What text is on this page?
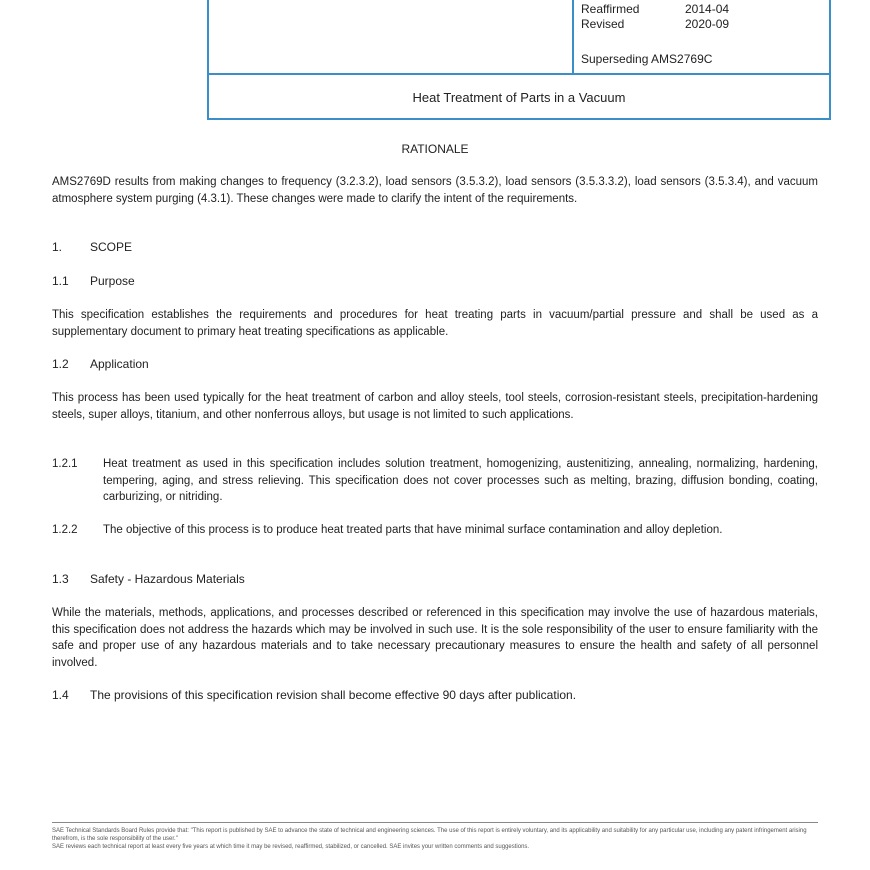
Reaffirmed	2014-04
Revised	2020-09
Superseding AMS2769C
Heat Treatment of Parts in a Vacuum
RATIONALE

AMS2769D results from making changes to frequency (3.2.3.2), load sensors (3.5.3.2), load sensors (3.5.3.3.2), load sensors (3.5.3.4), and vacuum atmosphere system purging (4.3.1). These changes were made to clarify the intent of the requirements.

1. SCOPE
1.1 Purpose

This specification establishes the requirements and procedures for heat treating parts in vacuum/partial pressure and shall be used as a supplementary document to primary heat treating specifications as applicable.

1.2 Application

This process has been used typically for the heat treatment of carbon and alloy steels, tool steels, corrosion-resistant steels, precipitation-hardening steels, super alloys, titanium, and other nonferrous alloys, but usage is not limited to such applications.

1.2.1 Heat treatment as used in this specification includes solution treatment, homogenizing, austenitizing, annealing, normalizing, hardening, tempering, aging, and stress relieving. This specification does not cover processes such as melting, brazing, diffusion bonding, coating, carburizing, or nitriding.
1.2.2 The objective of this process is to produce heat treated parts that have minimal surface contamination and alloy depletion.
1.3 Safety - Hazardous Materials

While the materials, methods, applications, and processes described or referenced in this specification may involve the use of hazardous materials, this specification does not address the hazards which may be involved in such use. It is the sole responsibility of the user to ensure familiarity with the safe and proper use of any hazardous materials and to take necessary precautionary measures to ensure the health and safety of all personnel involved.

1.4 The provisions of this specification revision shall become effective 90 days after publication.
SAE Technical Standards Board Rules provide that: "This report is published by SAE to advance the state of technical and engineering sciences. The use of this report is entirely voluntary, and its applicability and suitability for any particular use, including any patent infringement arising therefrom, is the sole responsibility of the user."
SAE reviews each technical report at least every five years at which time it may be revised, reaffirmed, stabilized, or cancelled. SAE invites your written comments and suggestions.
